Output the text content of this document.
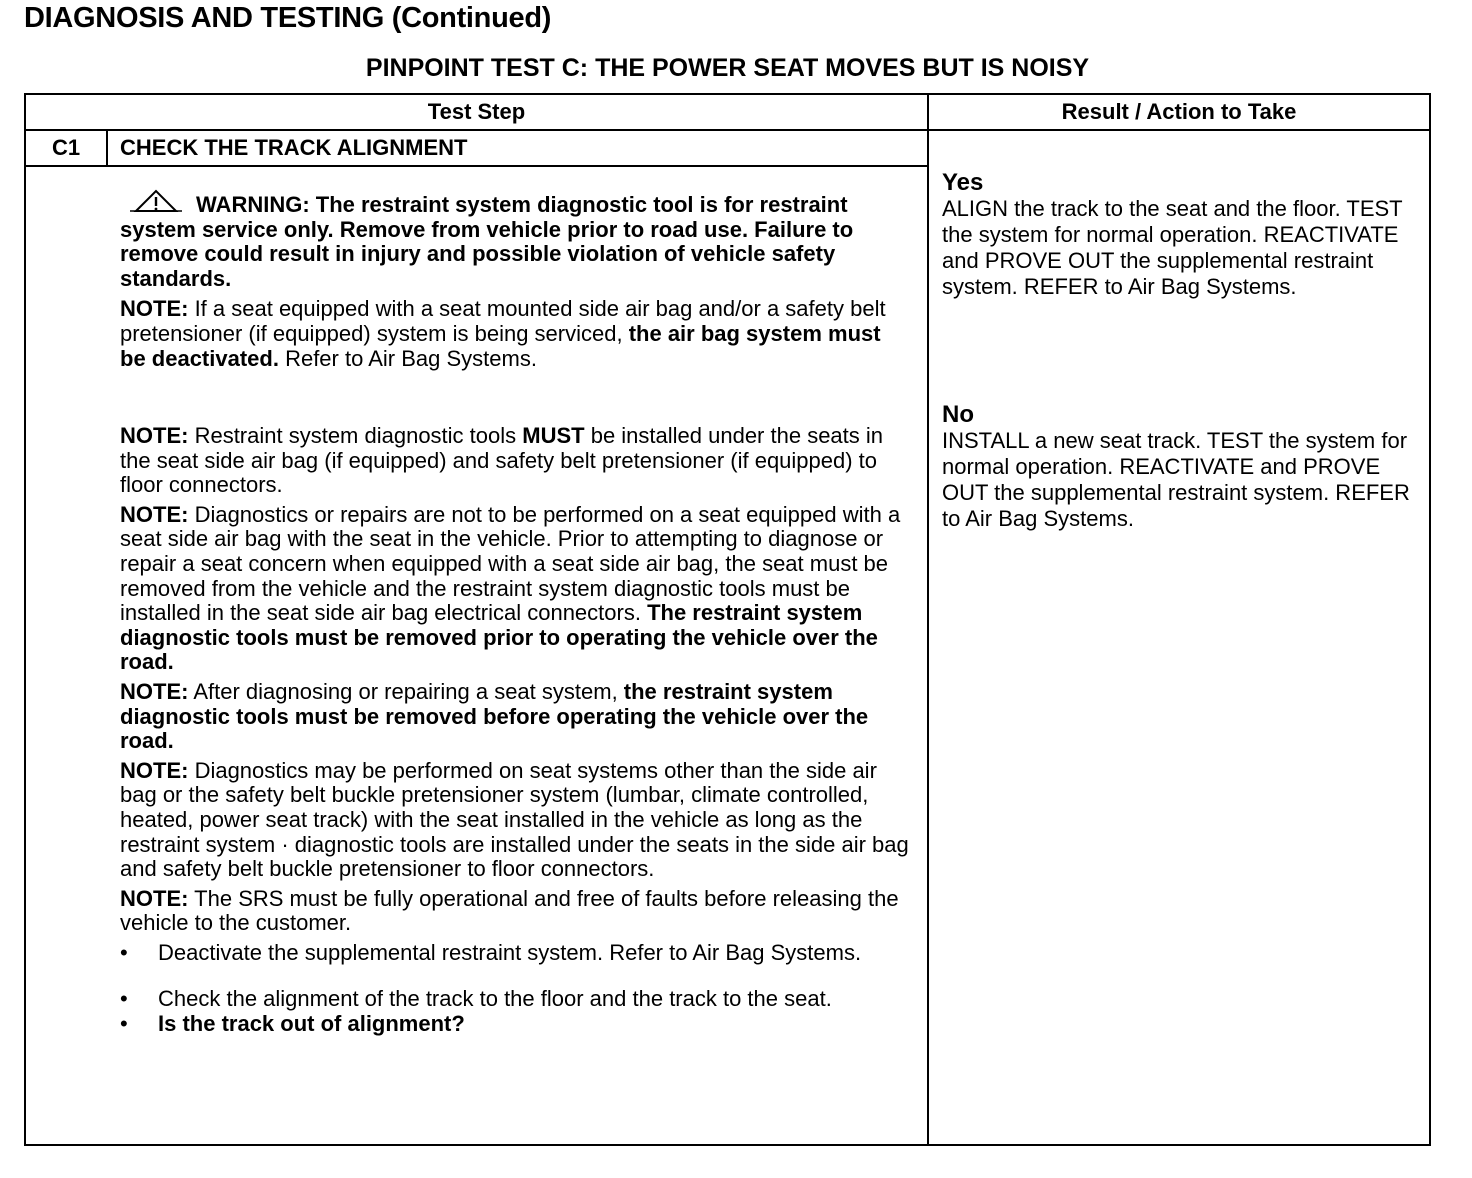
DIAGNOSIS AND TESTING (Continued)
PINPOINT TEST C: THE POWER SEAT MOVES BUT IS NOISY
Test Step	Result / Action to Take
C1	CHECK THE TRACK ALIGNMENT

WARNING: The restraint system diagnostic tool is for restraint system service only. Remove from vehicle prior to road use. Failure to remove could result in injury and possible violation of vehicle safety standards.

NOTE: If a seat equipped with a seat mounted side air bag and/or a safety belt pretensioner (if equipped) system is being serviced, the air bag system must be deactivated. Refer to Air Bag Systems.

NOTE: Restraint system diagnostic tools MUST be installed under the seats in the seat side air bag (if equipped) and safety belt pretensioner (if equipped) to floor connectors.

NOTE: Diagnostics or repairs are not to be performed on a seat equipped with a seat side air bag with the seat in the vehicle. Prior to attempting to diagnose or repair a seat concern when equipped with a seat side air bag, the seat must be removed from the vehicle and the restraint system diagnostic tools must be installed in the seat side air bag electrical connectors. The restraint system diagnostic tools must be removed prior to operating the vehicle over the road.

NOTE: After diagnosing or repairing a seat system, the restraint system diagnostic tools must be removed before operating the vehicle over the road.

NOTE: Diagnostics may be performed on seat systems other than the side air bag or the safety belt buckle pretensioner system (lumbar, climate controlled, heated, power seat track) with the seat installed in the vehicle as long as the restraint system · diagnostic tools are installed under the seats in the side air bag and safety belt buckle pretensioner to floor connectors.

NOTE: The SRS must be fully operational and free of faults before releasing the vehicle to the customer.

• Deactivate the supplemental restraint system. Refer to Air Bag Systems.
• Check the alignment of the track to the floor and the track to the seat.
• Is the track out of alignment?
Yes
ALIGN the track to the seat and the floor. TEST the system for normal operation. REACTIVATE and PROVE OUT the supplemental restraint system. REFER to Air Bag Systems.
No
INSTALL a new seat track. TEST the system for normal operation. REACTIVATE and PROVE OUT the supplemental restraint system. REFER to Air Bag Systems.
